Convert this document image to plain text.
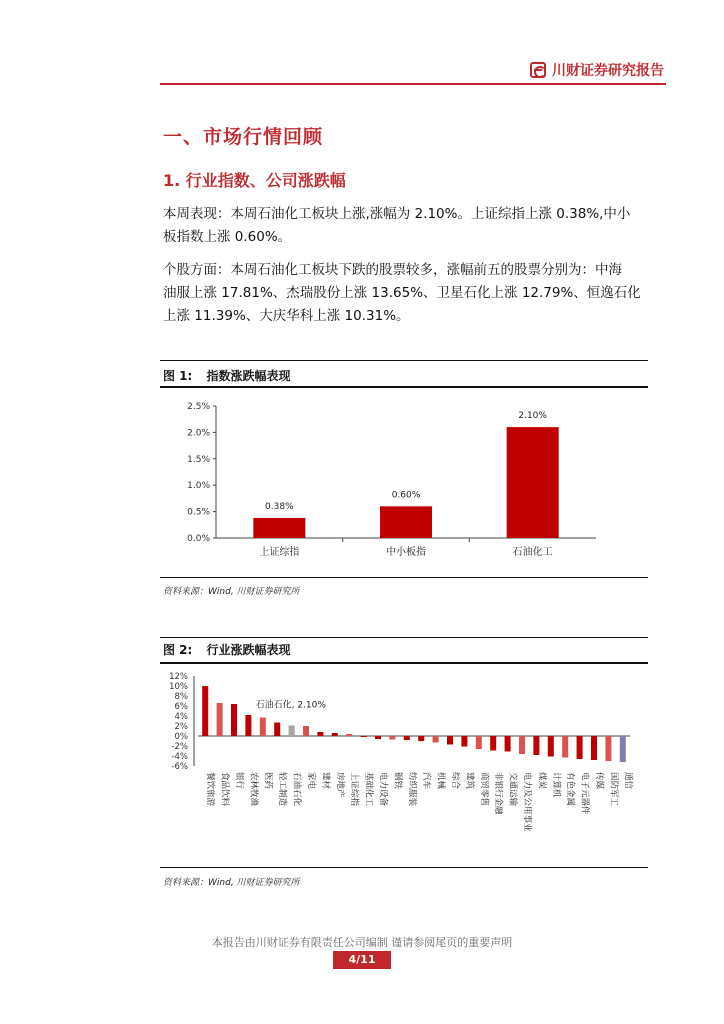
川财证券研究报告
一、市场行情回顾
1. 行业指数、公司涨跌幅
本周表现：本周石油化工板块上涨,涨幅为 2.10%。上证综指上涨 0.38%,中小
板指数上涨 0.60%。
个股方面：本周石油化工板块下跌的股票较多，涨幅前五的股票分别为：中海
油服上涨 17.81%、杰瑞股份上涨 13.65%、卫星石化上涨 12.79%、恒逸石化
上涨 11.39%、大庆华科上涨 10.31%。
图 1: 指数涨跌幅表现
0.0%
0.5%
1.0%
1.5%
2.0%
2.5%
0.38%
上证综指
0.60%
中小板指
2.10%
石油化工
资料来源：Wind, 川财证券研究所
图 2: 行业涨跌幅表现
-6%
-4%
-2%
0%
2%
4%
6%
8%
10%
12%
餐饮旅游 食品饮料 银行 农林牧渔 医药 轻工制造 石油石化 家电 建材 房地产 上证综指 基础化工 电力设备 钢铁 纺织服装 汽车 机械 综合 建筑 商贸零售 非银行金融 交通运输 电力及公用事业 煤炭 计算机 有色金属 电子元器件 传媒 国防军工 通信
石油石化, 2.10%
资料来源：Wind, 川财证券研究所
本报告由川财证券有限责任公司编制 谨请参阅尾页的重要声明
4/11
